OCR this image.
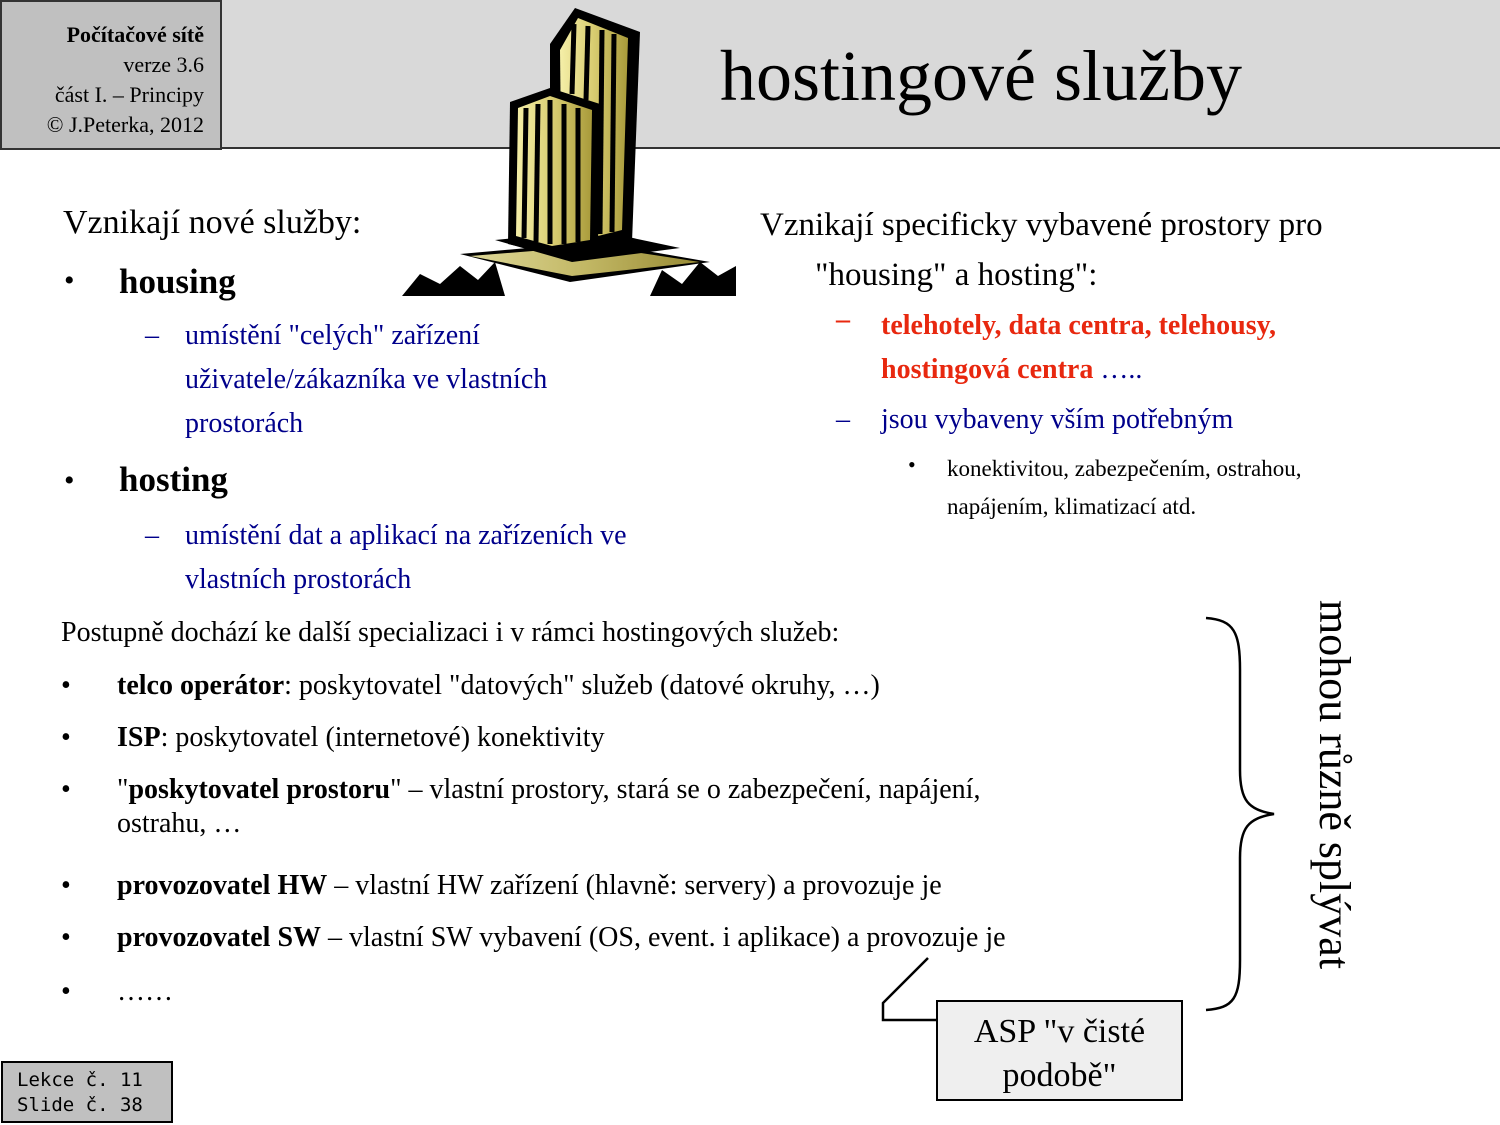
Počítačové sítě
verze 3.6
část I. – Principy
© J.Peterka, 2012
hostingové služby
Vznikají nové služby:
• housing
– umístění "celých" zařízení
uživatele/zákazníka ve vlastních
prostorách
• hosting
– umístění dat a aplikací na zařízeních ve
vlastních prostorách
Vznikají specificky vybavené prostory pro
"housing" a hosting":
– telehotely, data centra, telehousy,
hostingová centra …..
– jsou vybaveny vším potřebným
• konektivitou, zabezpečením, ostrahou,
napájením, klimatizací atd.
Postupně dochází ke další specializaci i v rámci hostingových služeb:
• telco operátor: poskytovatel "datových" služeb (datové okruhy, …)
• ISP: poskytovatel (internetové) konektivity
• "poskytovatel prostoru" – vlastní prostory, stará se o zabezpečení, napájení,
ostrahu, …
• provozovatel HW – vlastní HW zařízení (hlavně: servery) a provozuje je
• provozovatel SW – vlastní SW vybavení (OS, event. i aplikace) a provozuje je
• ……
mohou různě splývat
ASP "v čisté
podobě"
Lekce č. 11
Slide č. 38
